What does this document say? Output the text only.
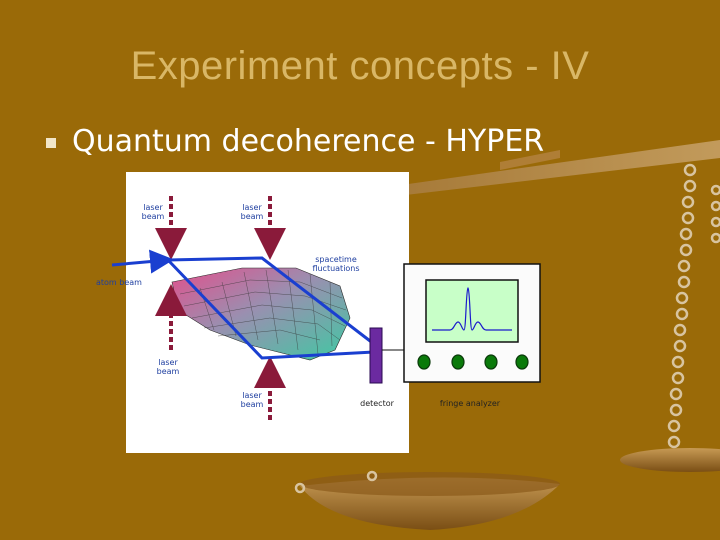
Experiment concepts - IV
Quantum decoherence - HYPER
laser
beam
laser
beam
laser
beam
laser
beam
spacetime
fluctuations
atom beam
detector	fringe analyzer
